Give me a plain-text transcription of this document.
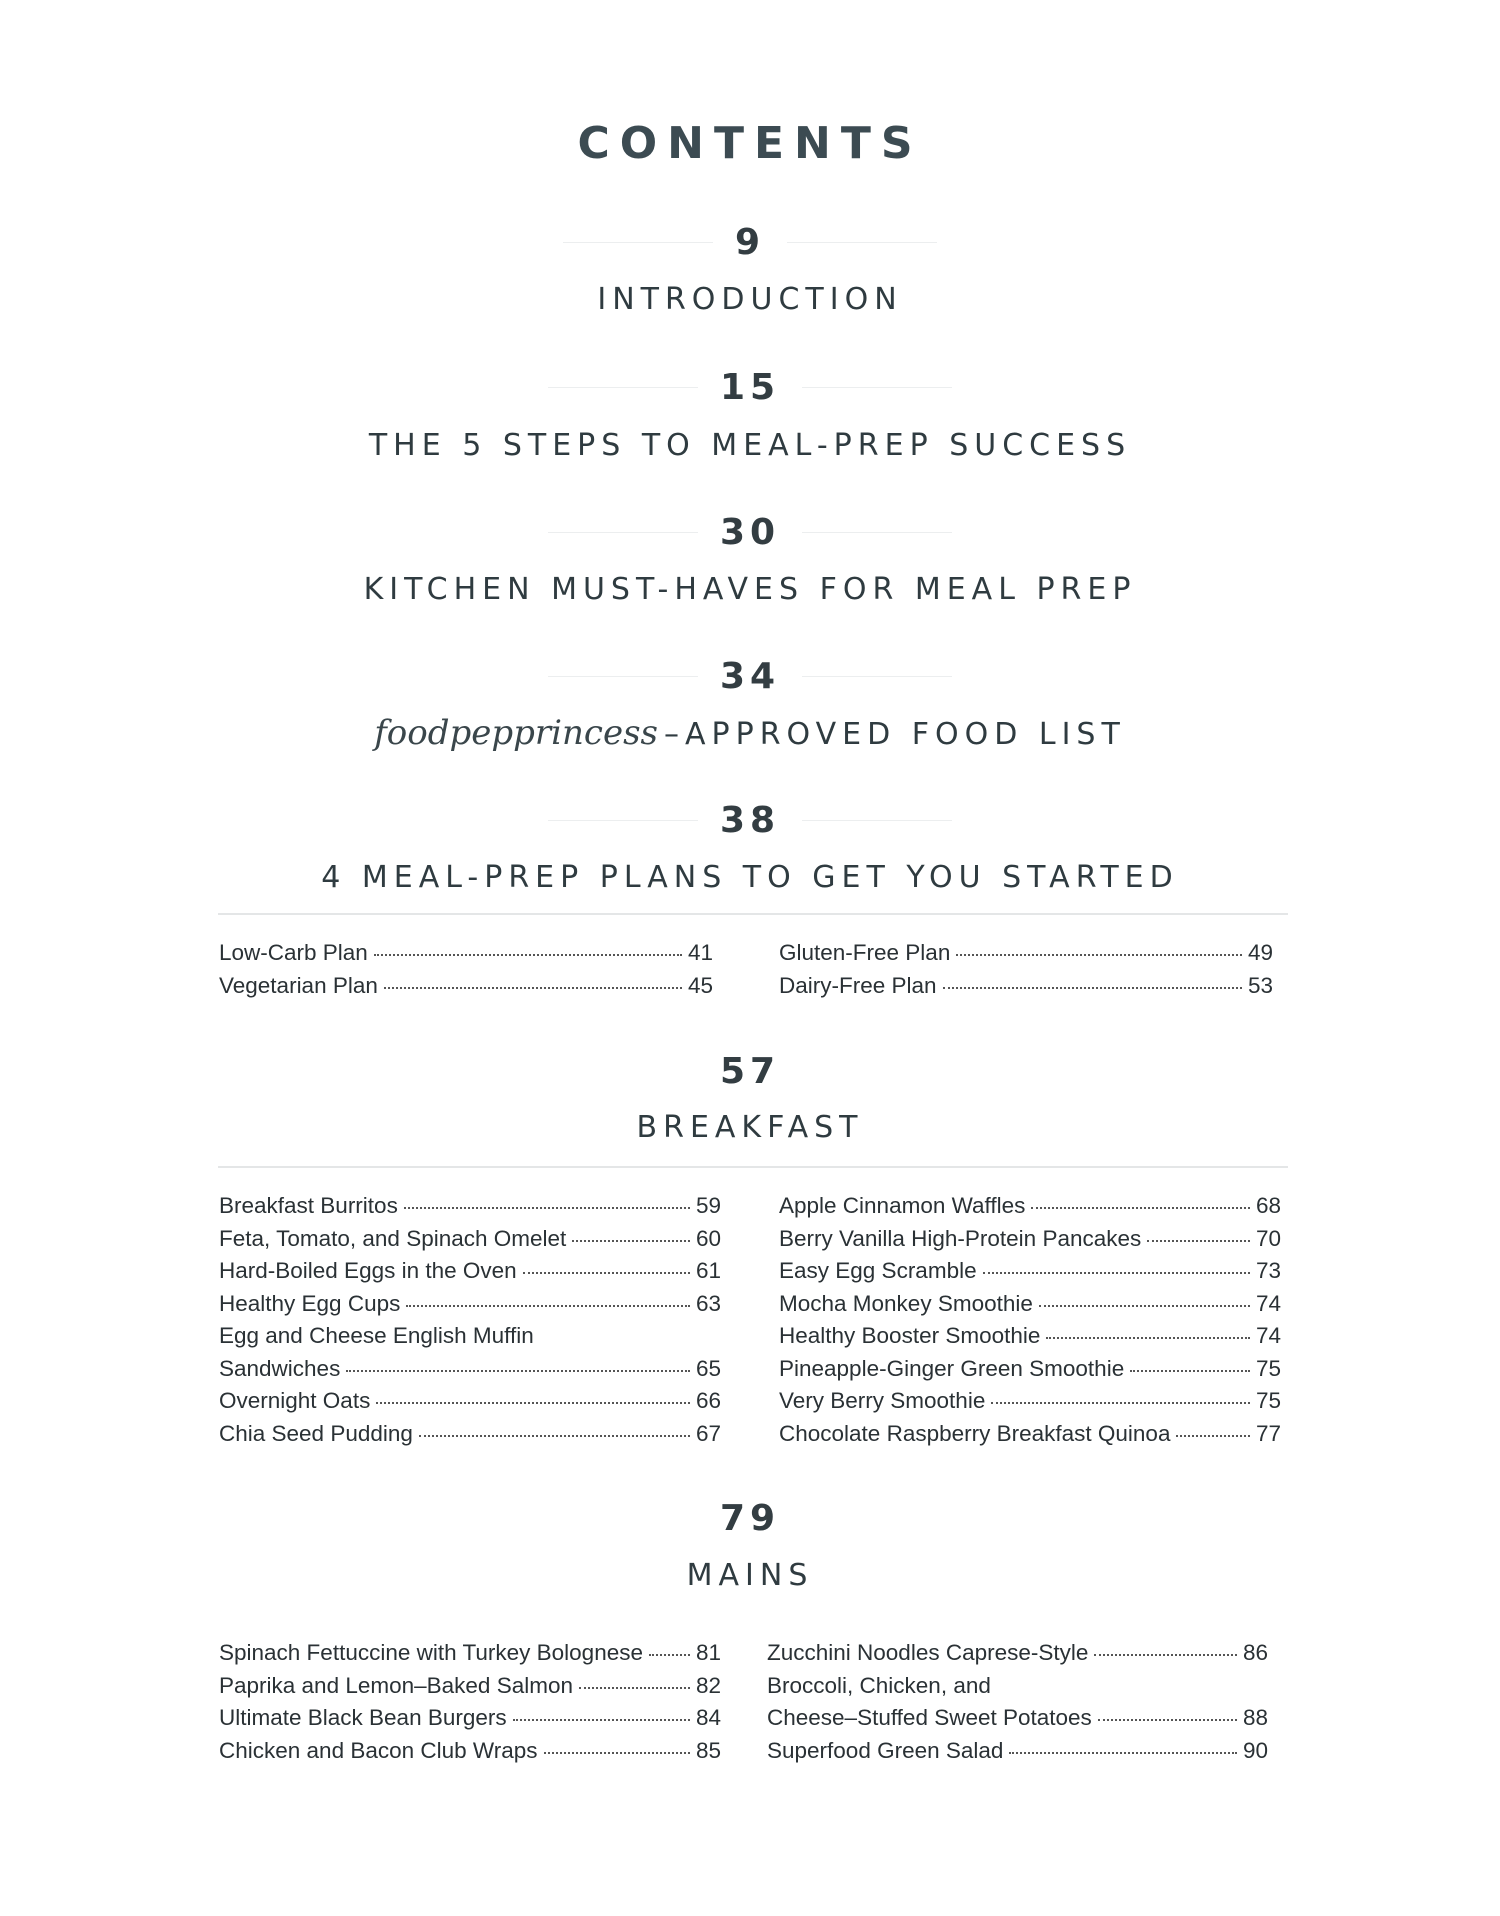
CONTENTS
9
INTRODUCTION
15
THE 5 STEPS TO MEAL-PREP SUCCESS
30
KITCHEN MUST-HAVES FOR MEAL PREP
34
foodpepprincess –APPROVED FOOD LIST
38
4 MEAL-PREP PLANS TO GET YOU STARTED
Low-Carb Plan	41
Vegetarian Plan	45
Gluten-Free Plan	49
Dairy-Free Plan	53
57
BREAKFAST
Breakfast Burritos	59
Feta, Tomato, and Spinach Omelet	60
Hard-Boiled Eggs in the Oven	61
Healthy Egg Cups	63
Egg and Cheese English Muffin
Sandwiches	65
Overnight Oats	66
Chia Seed Pudding	67
Apple Cinnamon Waffles	68
Berry Vanilla High-Protein Pancakes	70
Easy Egg Scramble	73
Mocha Monkey Smoothie	74
Healthy Booster Smoothie	74
Pineapple-Ginger Green Smoothie	75
Very Berry Smoothie	75
Chocolate Raspberry Breakfast Quinoa	77
79
MAINS
Spinach Fettuccine with Turkey Bolognese 81
Paprika and Lemon–Baked Salmon	82
Ultimate Black Bean Burgers	84
Chicken and Bacon Club Wraps	85
Zucchini Noodles Caprese-Style	86
Broccoli, Chicken, and
Cheese–Stuffed Sweet Potatoes	88
Superfood Green Salad	90
